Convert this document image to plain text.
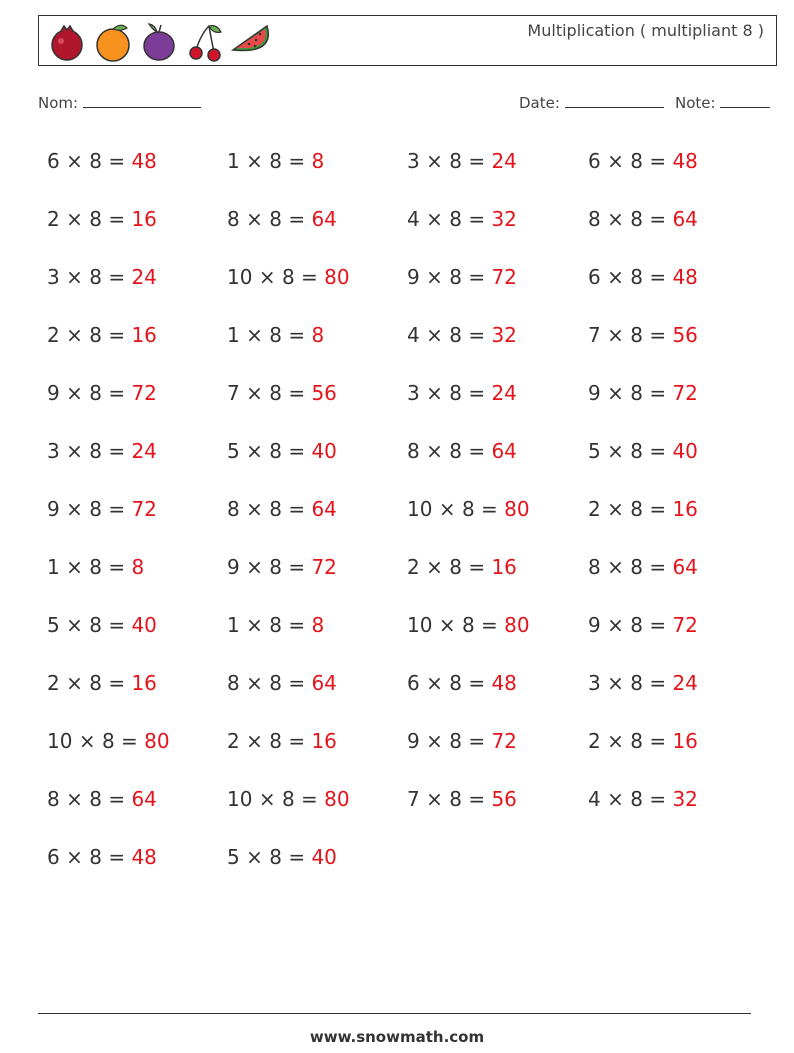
Multiplication ( multipliant 8 )
Nom:	Date:	Note:
6 × 8 = 48	1 × 8 = 8	3 × 8 = 24	6 × 8 = 48
2 × 8 = 16	8 × 8 = 64	4 × 8 = 32	8 × 8 = 64
3 × 8 = 24	10 × 8 = 80	9 × 8 = 72	6 × 8 = 48
2 × 8 = 16	1 × 8 = 8	4 × 8 = 32	7 × 8 = 56
9 × 8 = 72	7 × 8 = 56	3 × 8 = 24	9 × 8 = 72
3 × 8 = 24	5 × 8 = 40	8 × 8 = 64	5 × 8 = 40
9 × 8 = 72	8 × 8 = 64	10 × 8 = 80	2 × 8 = 16
1 × 8 = 8	9 × 8 = 72	2 × 8 = 16	8 × 8 = 64
5 × 8 = 40	1 × 8 = 8	10 × 8 = 80	9 × 8 = 72
2 × 8 = 16	8 × 8 = 64	6 × 8 = 48	3 × 8 = 24
10 × 8 = 80	2 × 8 = 16	9 × 8 = 72	2 × 8 = 16
8 × 8 = 64	10 × 8 = 80	7 × 8 = 56	4 × 8 = 32
6 × 8 = 48	5 × 8 = 40
www.snowmath.com
